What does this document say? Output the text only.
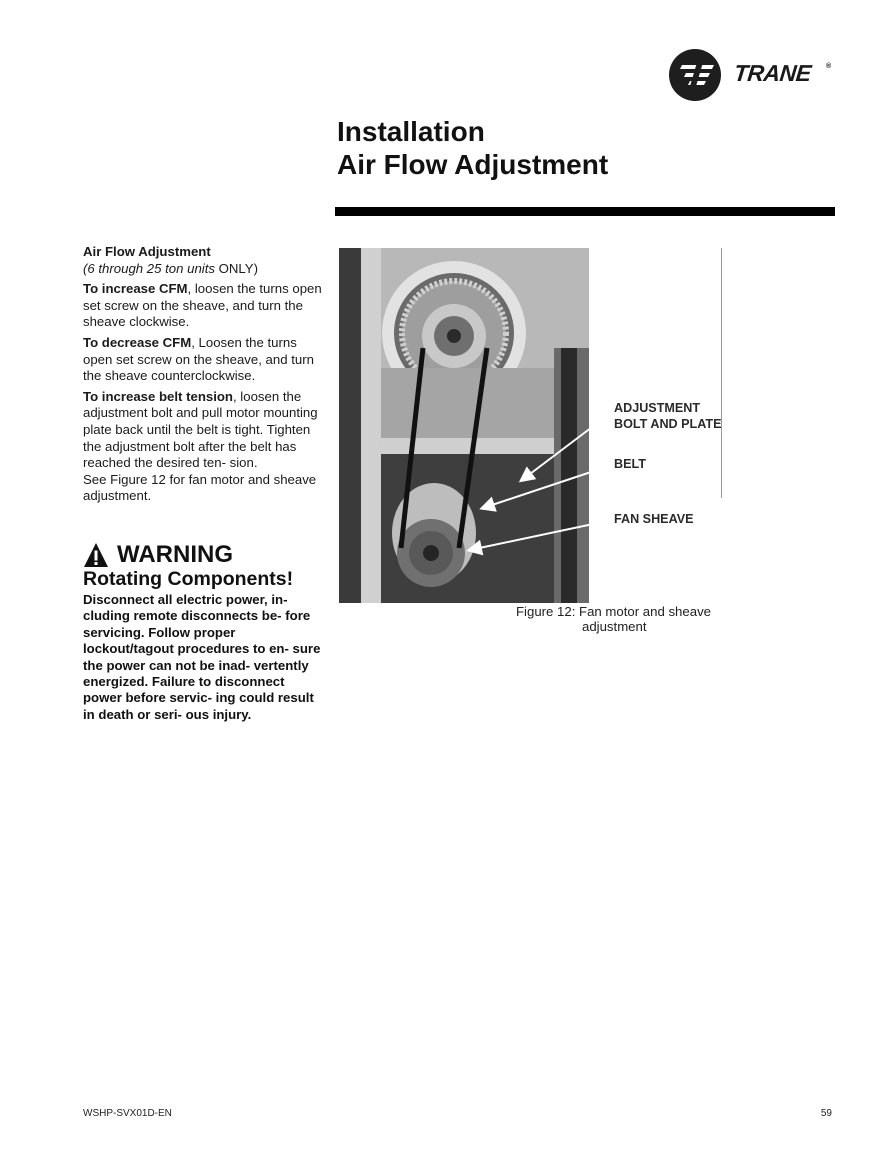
TRANE ®
Installation
Air Flow Adjustment

Air Flow Adjustment
(6 through 25 ton units ONLY)

To increase CFM, loosen the turns open set screw on the sheave, and turn the sheave clockwise.

To decrease CFM, Loosen the turns open set screw on the sheave, and turn the sheave counterclockwise.

To increase belt tension, loosen the adjustment bolt and pull motor mounting plate back until the belt is tight. Tighten the adjustment bolt after the belt has reached the desired ten- sion.
See Figure 12 for fan motor and sheave adjustment.

WARNING
Rotating Components!
Disconnect all electric power, in- cluding remote disconnects be- fore servicing. Follow proper lockout/tagout procedures to en- sure the power can not be inad- vertently energized. Failure to disconnect power before servic- ing could result in death or seri- ous injury.
ADJUSTMENT
BOLT AND PLATE
BELT
FAN SHEAVE
Figure 12: Fan motor and sheave
adjustment
WSHP-SVX01D-EN	59
